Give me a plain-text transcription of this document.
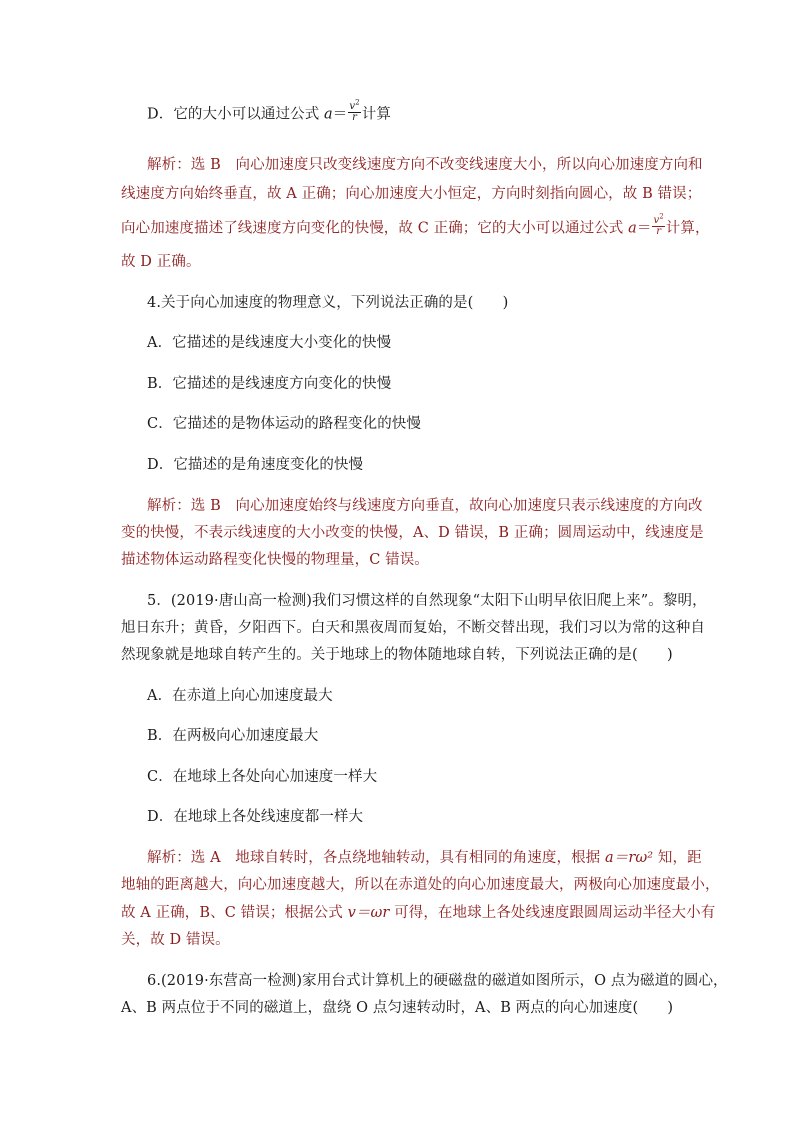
D．它的大小可以通过公式 $a= \frac{v^2}{r}$ 计算
解析：选 B　向心加速度只改变线速度方向不改变线速度大小，所以向心加速度方向和
线速度方向始终垂直，故 A 正确；向心加速度大小恒定，方向时刻指向圆心，故 B 错误；
向心加速度描述了线速度方向变化的快慢，故 C 正确；它的大小可以通过公式 $a= \frac{v^2}{r}$ 计算，
故 D 正确。
4.关于向心加速度的物理意义，下列说法正确的是(　　)
A．它描述的是线速度大小变化的快慢
B．它描述的是线速度方向变化的快慢
C．它描述的是物体运动的路程变化的快慢
D．它描述的是角速度变化的快慢
解析：选 B　向心加速度始终与线速度方向垂直，故向心加速度只表示线速度的方向改
变的快慢，不表示线速度的大小改变的快慢，A、D 错误，B 正确；圆周运动中，线速度是
描述物体运动路程变化快慢的物理量，C 错误。
5．(2019·唐山高一检测)我们习惯这样的自然现象“太阳下山明早依旧爬上来”。黎明，
旭日东升；黄昏，夕阳西下。白天和黑夜周而复始，不断交替出现，我们习以为常的这种自
然现象就是地球自转产生的。关于地球上的物体随地球自转，下列说法正确的是(　　)
A．在赤道上向心加速度最大
B．在两极向心加速度最大
C．在地球上各处向心加速度一样大
D．在地球上各处线速度都一样大
解析：选 A　地球自转时，各点绕地轴转动，具有相同的角速度，根据 a＝rω² 知，距
地轴的距离越大，向心加速度越大，所以在赤道处的向心加速度最大，两极向心加速度最小，
故 A 正确，B、C 错误；根据公式 v＝ωr 可得，在地球上各处线速度跟圆周运动半径大小有
关，故 D 错误。
6.(2019·东营高一检测)家用台式计算机上的硬磁盘的磁道如图所示，O 点为磁道的圆心，
A、B 两点位于不同的磁道上，盘绕 O 点匀速转动时，A、B 两点的向心加速度(　　)
